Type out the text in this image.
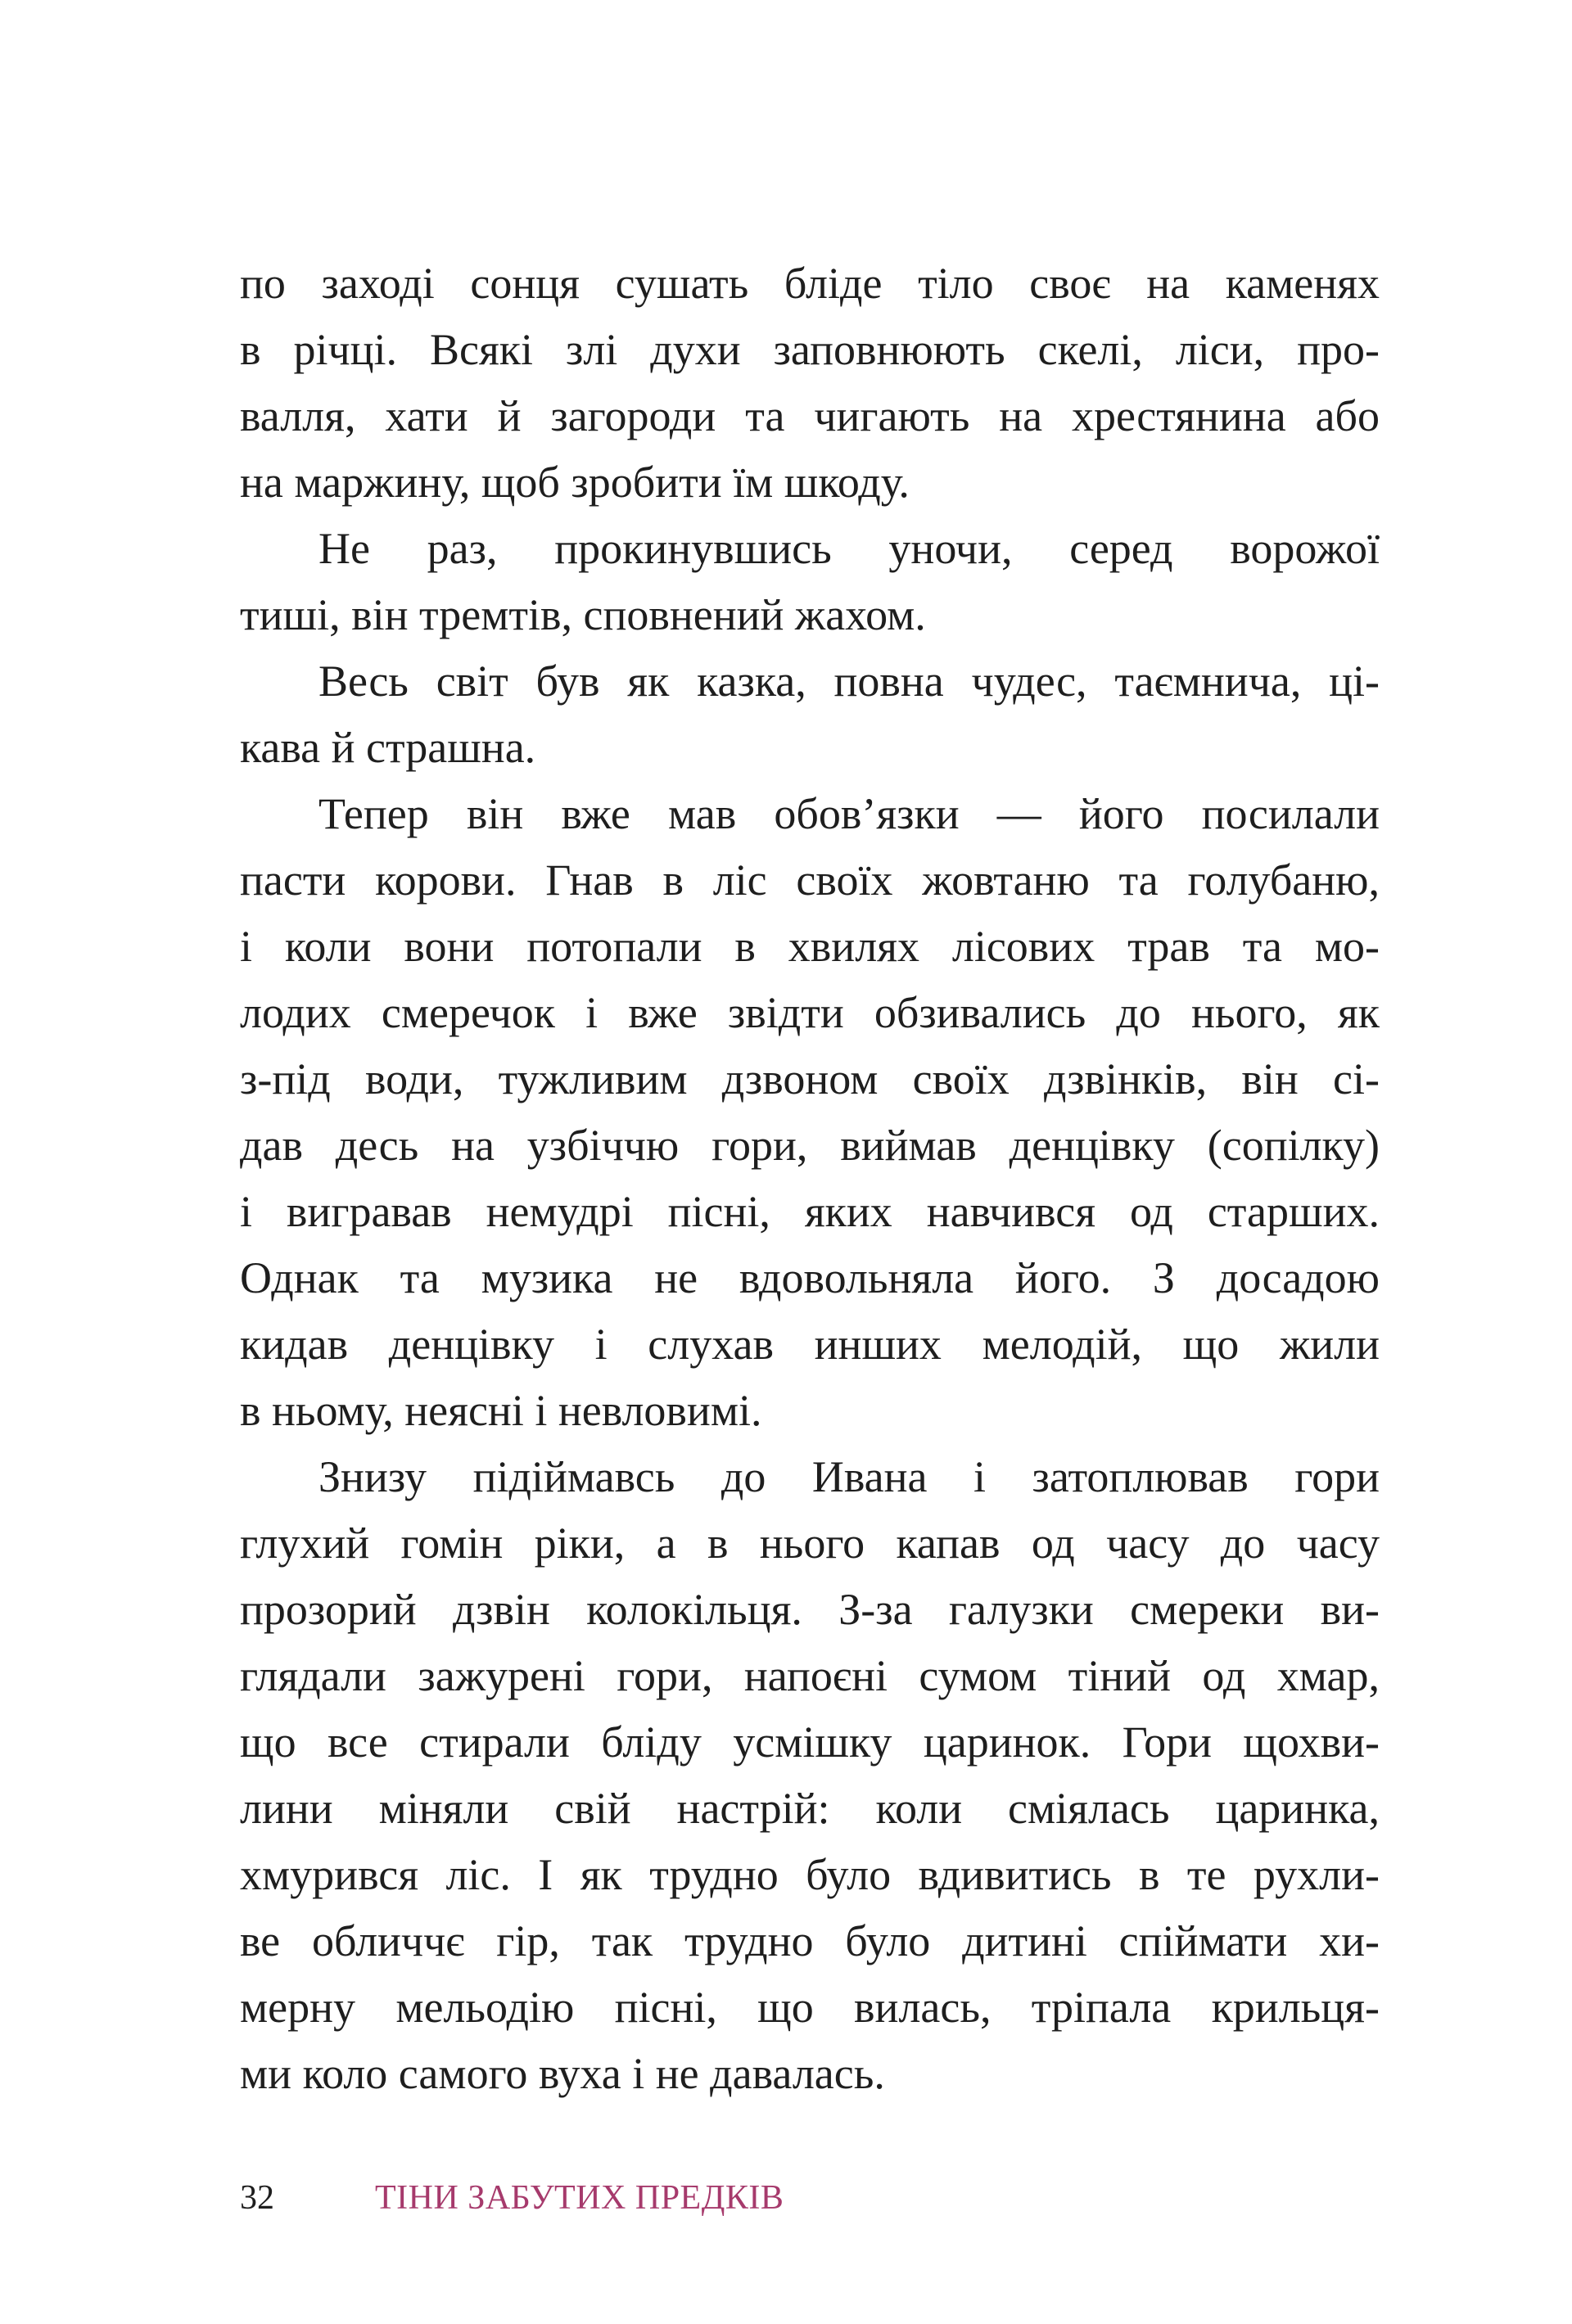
по заході сонця сушать бліде тіло своє на каменях
в річці. Всякі злі духи заповнюють скелі, ліси, про-
валля, хати й загороди та чигають на хрестянина або
на маржину, щоб зробити їм шкоду.
Не раз, прокинувшись уночи, серед ворожої
тиші, він тремтів, сповнений жахом.
Весь світ був як казка, повна чудес, таємнича, ці-
кава й страшна.
Тепер він вже мав обов’язки — його посилали
пасти корови. Гнав в ліс своїх жовтаню та голубаню,
і коли вони потопали в хвилях лісових трав та мо-
лодих смеречок і вже звідти обзивались до нього, як
з-під води, тужливим дзвоном своїх дзвінків, він сі-
дав десь на узбіччю гори, виймав денцівку (сопілку)
і вигравав немудрі пісні, яких навчився од старших.
Однак та музика не вдовольняла його. З досадою
кидав денцівку і слухав инших мелодій, що жили
в ньому, неясні і невловимі.
Знизу підіймавсь до Ивана і затоплював гори
глухий гомін ріки, а в нього капав од часу до часу
прозорий дзвін колокільця. З-за галузки смереки ви-
глядали зажурені гори, напоєні сумом тіний од хмар,
що все стирали бліду усмішку царинок. Гори щохви-
лини міняли свій настрій: коли сміялась царинка,
хмурився ліс. І як трудно було вдивитись в те рухли-
ве обличчє гір, так трудно було дитині спіймати хи-
мерну мельодію пісні, що вилась, тріпала крильця-
ми коло самого вуха і не давалась.
32	ТІНИ ЗАБУТИХ ПРЕДКІВ
